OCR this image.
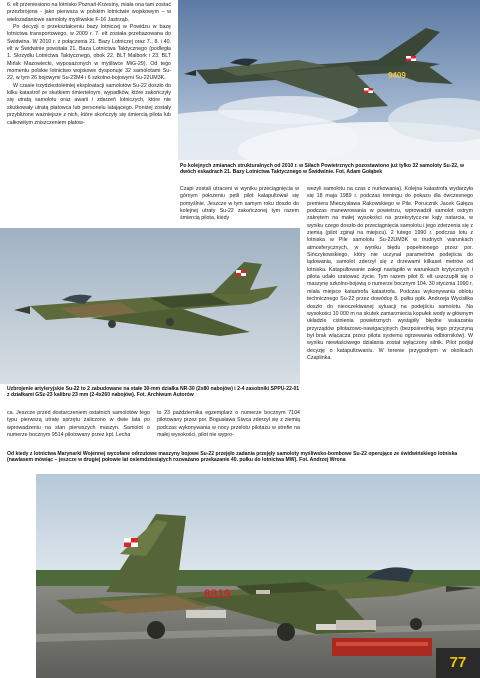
9409

6. elt przeniesiono na lotnisko Poznań-Krzesiny, miała ona tam zostać przezbrojona - jako pierwsza w polskim lotnictwie wojskowym – w wielozadaniowe samoloty myśliwskie F-16 Jastrząb.

Po decyzji o przekształceniu bazy lotniczej w Powidzu w bazę lotnictwa transportowego, w 2009 r. 7. elt została przebazowana do Świdwina. W 2010 r. z połączenia 21. Bazy Lotniczej oraz 7., 8. i 40. elt w Świdwinie powstała 21. Baza Lotnictwa Taktycznego (podległa 1. Skrzydłu Lotnictwa Taktycznego, obok 22. BLT Malbork i 23. BLT Mińsk Mazowiecki, wyposażonych w myśliwce MiG-29). Od tego momentu polskie lotnictwo wojskowe dysponuje 32 samolotami Su-22, w tym 26 bojowymi Su-22M4 i 6 szkolno-bojowymi Su-22UM3K.

W czasie trzydziestoletniej eksploatacji samolotów Su-22 doszło do kilku katastrof ze skutkiem śmiertelnym, wypadków, które zakończyły się utratą samolotu oraz awarii i zdarzeń lotniczych, które nie skutkowały utratą płatowca lub personelu latającego. Poniżej zostały przybliżone ważniejsze z nich, które skończyły się śmiercią pilota lub całkowitym zniszczeniem płatow-

Po kolejnych zmianach strukturalnych od 2010 r. w Siłach Powietrznych pozostawiono już tylko 32 samoloty Su-22, w dwóch eskadrach 21. Bazy Lotnictwa Taktycznego w Świdwinie. Fot. Adam Gołąbek

Czapi zostali utraceni w wyniku przeciągnięcia w górnym położeniu pętli pilot katapultował się pomyślnie. Jeszcze w tym samym roku doszło do kolejnej utraty Su-22 zakończonej tym razem śmiercią pilota, kiedy

wezyli samolotu na czas z nurkowania). Kolejna katastrofa wydarzyła się 18 maja 1989 r. podczas treningu do pokazu dla ówczesnego premiera Mieczysława Rakowskiego w Pile. Porucznik Jacek Gałęza podczas manewrowania w powietrzu, wprowadził samolot ostrym zakrętem na małej wysokości na przekrytycz-ne kąty natarcia, w wyniku czego doszło do przeciągnięcia samolotu i jego zderzenia się z ziemią (pilot zginął na miejscu). 2 lutego 1990 r. podczas lotu z lotniska w Pile samolotu Su-22UM3K w trudnych warunkach atmosferycznych, w wyniku błędu popełnionego przez por. Sińczykowskiego, który nie uczynał parametrów podejścia do lądowania, samolot zderzył się z drzewami kilkaset metrów od lotniska. Katapultowanie załogi nastąpiło w warunkach krytycznych i pilota udało uratować życie. Tym razem pilot 8. elt uszczuplił się o maszynę szkolno-bojową o numerze bocznym 104. 30 stycznia 1990 r. miała miejsce katastrofa katastrofa. Podczas wykonywania oblotu technicznego Su-22 przez dowódcę 8. pułku ppłk. Andrzeja Wycisłika doszło do nieoczekiwanej sytuacji na podejściu samolotu. Na wysokości 10 000 m na skutek zamarzniecia kopułek wody w głównym układzie ciśnienia powietrznych wystąpiły błędne wskazania przyrządów pilotażowo-nawigacyjnych (bezpośrednią tego przyczyną był brak wlącacza przez pilota systemu ogrzewania odbiorników). W wyniku niewłaściwego działania został wyłączony silnik. Pilot podjął decyzję o katapultowaniu. W terenie przygodnym w okolicach Czaplinka.

Uzbrojenie artyleryjskie Su-22 to 2 zabudowane na stałe 30-mm działka NR-30 (2x80 nabojów) i 2-4 zasobniki SPPU-22-01 z działkami GSz-23 kalibru 23 mm (2-4x260 nabojów). Fot. Archiwum Autorów

ca. Jeszcze przed dostarczeniem ostatnich samolotów tego typu pierwszą utratę sprzętu zaliczono w dwie lata po wprowadzeniu na stan pierwszych maszyn. Samolot o numerze bocznym 9514 pilotowany przez kpt. Lecha

to 23 października egzemplarz o numerze bocznym 7104 pilotowany przez por. Bogusława Siwca zderzył się z ziemią podczas wykonywania w nocy przelotu pilotażu w strefie na małej wysokości, pilot nie wypro-

Od kiedy z lotnictwa Marynarki Wojennej wycofane odrzutowe maszyny bojowe Su-22 przejęło zadania przejęły samoloty myśliwsko-bombowe Su-22 operujące ze świdwińskiego lotniska (nawiasem mówiąc – jeszcze w drugiej połowie lat osiemdziesiątych rozważano przekazanie 40. pułku do lotnictwa MW). Fot. Andrzej Wrona
8819
77
